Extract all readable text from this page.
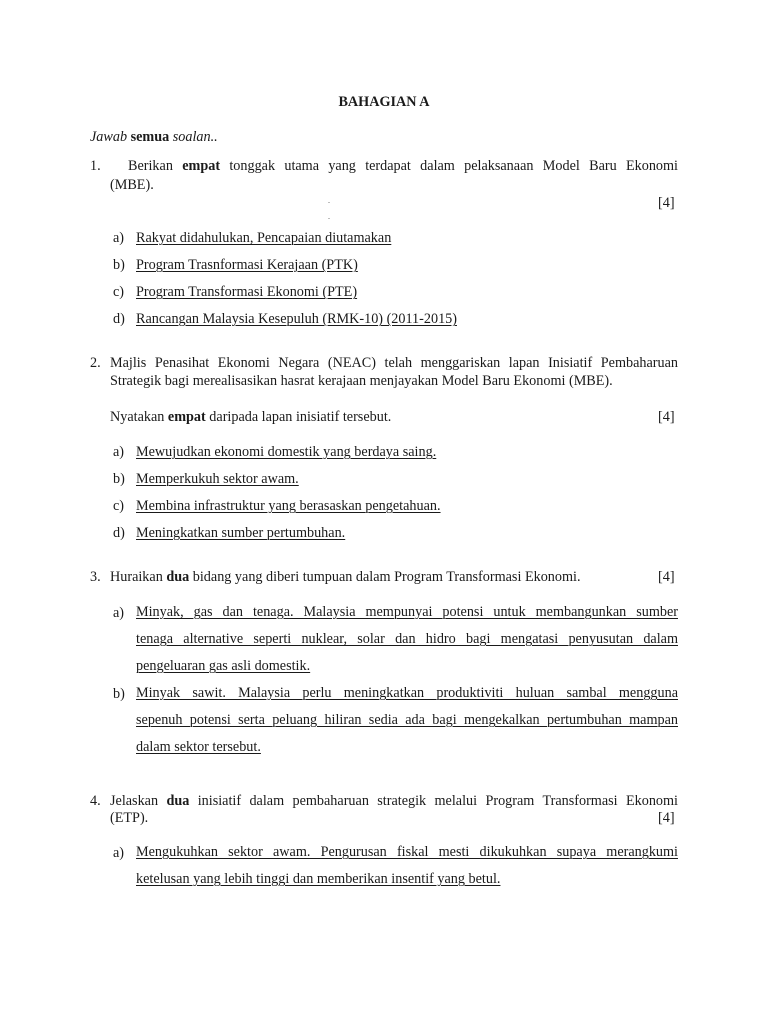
BAHAGIAN A
Jawab semua soalan..
1. Berikan empat tonggak utama yang terdapat dalam pelaksanaan Model Baru Ekonomi
(MBE).
[4]
.
.
a) Rakyat didahulukan, Pencapaian diutamakan
b) Program Trasnformasi Kerajaan (PTK)
c) Program Transformasi Ekonomi (PTE)
d) Rancangan Malaysia Kesepuluh (RMK-10) (2011-2015)
2. Majlis Penasihat Ekonomi Negara (NEAC) telah menggariskan lapan Inisiatif Pembaharuan
Strategik bagi merealisasikan hasrat kerajaan menjayakan Model Baru Ekonomi (MBE).
Nyatakan empat daripada lapan inisiatif tersebut.	[4]
a) Mewujudkan ekonomi domestik yang berdaya saing.
b) Memperkukuh sektor awam.
c) Membina infrastruktur yang berasaskan pengetahuan.
d) Meningkatkan sumber pertumbuhan.
3. Huraikan dua bidang yang diberi tumpuan dalam Program Transformasi Ekonomi.	[4]
a) Minyak, gas dan tenaga. Malaysia mempunyai potensi untuk membangunkan sumber
tenaga alternative seperti nuklear, solar dan hidro bagi mengatasi penyusutan dalam
pengeluaran gas asli domestik.
b) Minyak sawit. Malaysia perlu meningkatkan produktiviti huluan sambal mengguna
sepenuh potensi serta peluang hiliran sedia ada bagi mengekalkan pertumbuhan mampan
dalam sektor tersebut.
4. Jelaskan dua inisiatif dalam pembaharuan strategik melalui Program Transformasi Ekonomi
(ETP).	[4]
a) Mengukuhkan sektor awam. Pengurusan fiskal mesti dikukuhkan supaya merangkumi
ketelusan yang lebih tinggi dan memberikan insentif yang betul.
